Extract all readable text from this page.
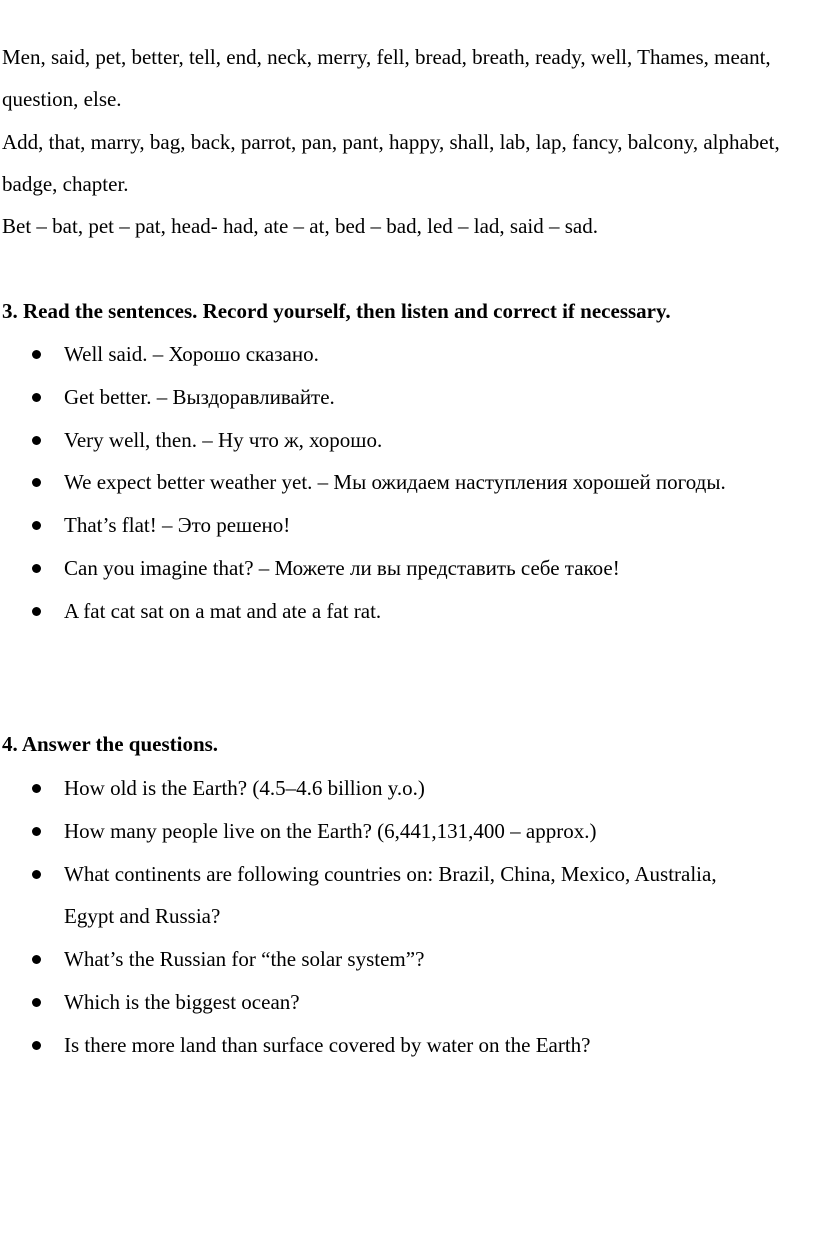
Men, said, pet, better, tell, end, neck, merry, fell, bread, breath, ready, well, Thames, meant, question, else.

Add, that, marry, bag, back, parrot, pan, pant, happy, shall, lab, lap, fancy, balcony, alphabet, badge, chapter.

Bet – bat, pet – pat, head- had, ate – at, bed – bad, led – lad, said – sad.

3. Read the sentences. Record yourself, then listen and correct if necessary.

Well said. – Хорошо сказано.
Get better. – Выздоравливайте.
Very well, then. – Ну что ж, хорошо.
We expect better weather yet. – Мы ожидаем наступления хорошей погоды.
That’s flat! – Это решено!
Can you imagine that? – Можете ли вы представить себе такое!
A fat cat sat on a mat and ate a fat rat.

4. Answer the questions.

How old is the Earth? (4.5–4.6 billion y.o.)
How many people live on the Earth? (6,441,131,400 – approx.)
What continents are following countries on: Brazil, China, Mexico, Australia, Egypt and Russia?
What’s the Russian for “the solar system”?
Which is the biggest ocean?
Is there more land than surface covered by water on the Earth?
